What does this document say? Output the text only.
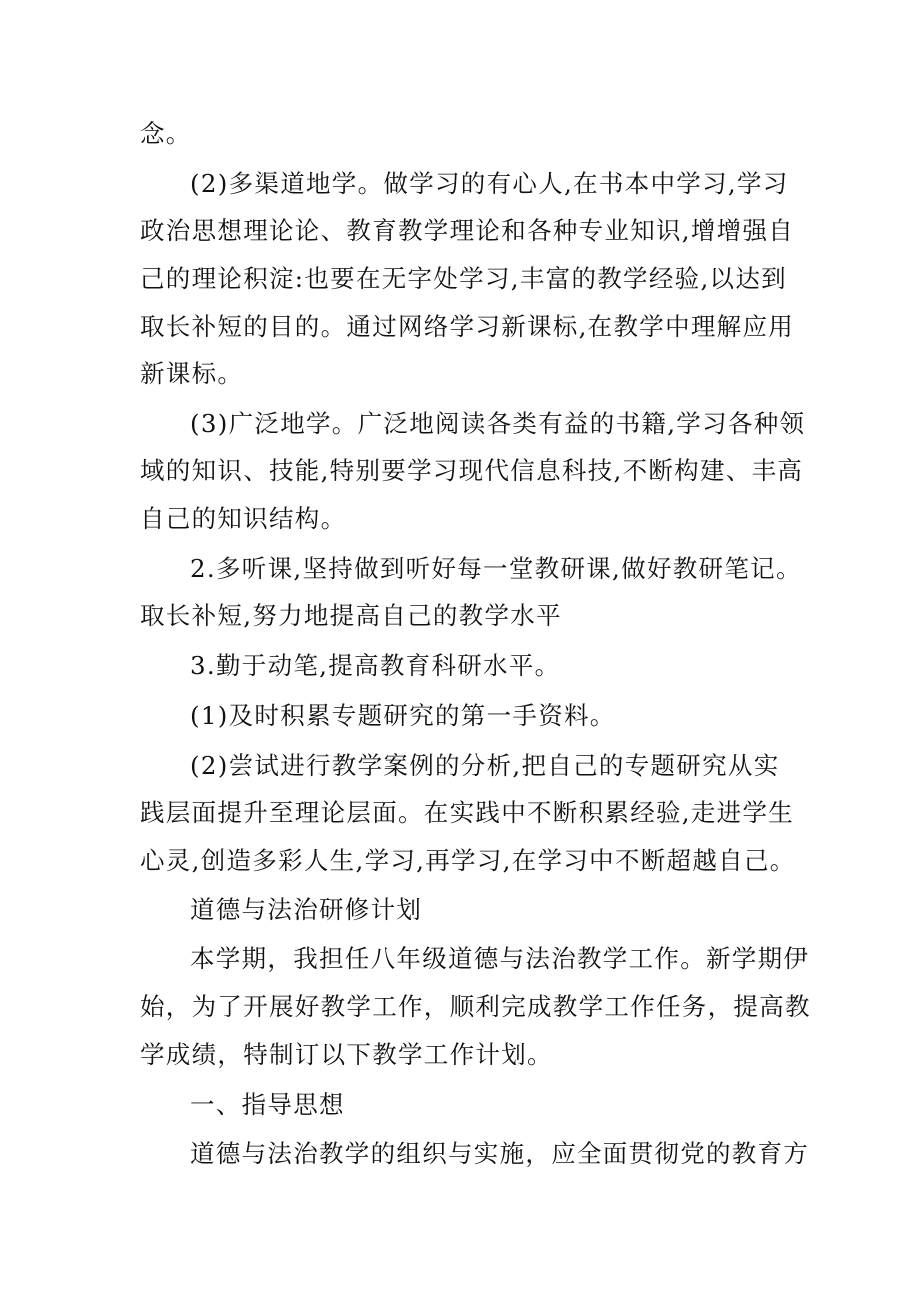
念。
(2)多渠道地学。做学习的有心人,在书本中学习,学习
政治思想理论论、教育教学理论和各种专业知识,增增强自
己的理论积淀:也要在无字处学习,丰富的教学经验,以达到
取长补短的目的。通过网络学习新课标,在教学中理解应用
新课标。
(3)广泛地学。广泛地阅读各类有益的书籍,学习各种领
域的知识、技能,特别要学习现代信息科技,不断构建、丰高
自己的知识结构。
2.多听课,坚持做到听好每一堂教研课,做好教研笔记。
取长补短,努力地提高自己的教学水平
3.勤于动笔,提高教育科研水平。
(1)及时积累专题研究的第一手资料。
(2)尝试进行教学案例的分析,把自己的专题研究从实
践层面提升至理论层面。在实践中不断积累经验,走进学生
心灵,创造多彩人生,学习,再学习,在学习中不断超越自己。
道德与法治研修计划
本学期，我担任八年级道德与法治教学工作。新学期伊
始，为了开展好教学工作，顺利完成教学工作任务，提高教
学成绩，特制订以下教学工作计划。
一、指导思想
道德与法治教学的组织与实施，应全面贯彻党的教育方
